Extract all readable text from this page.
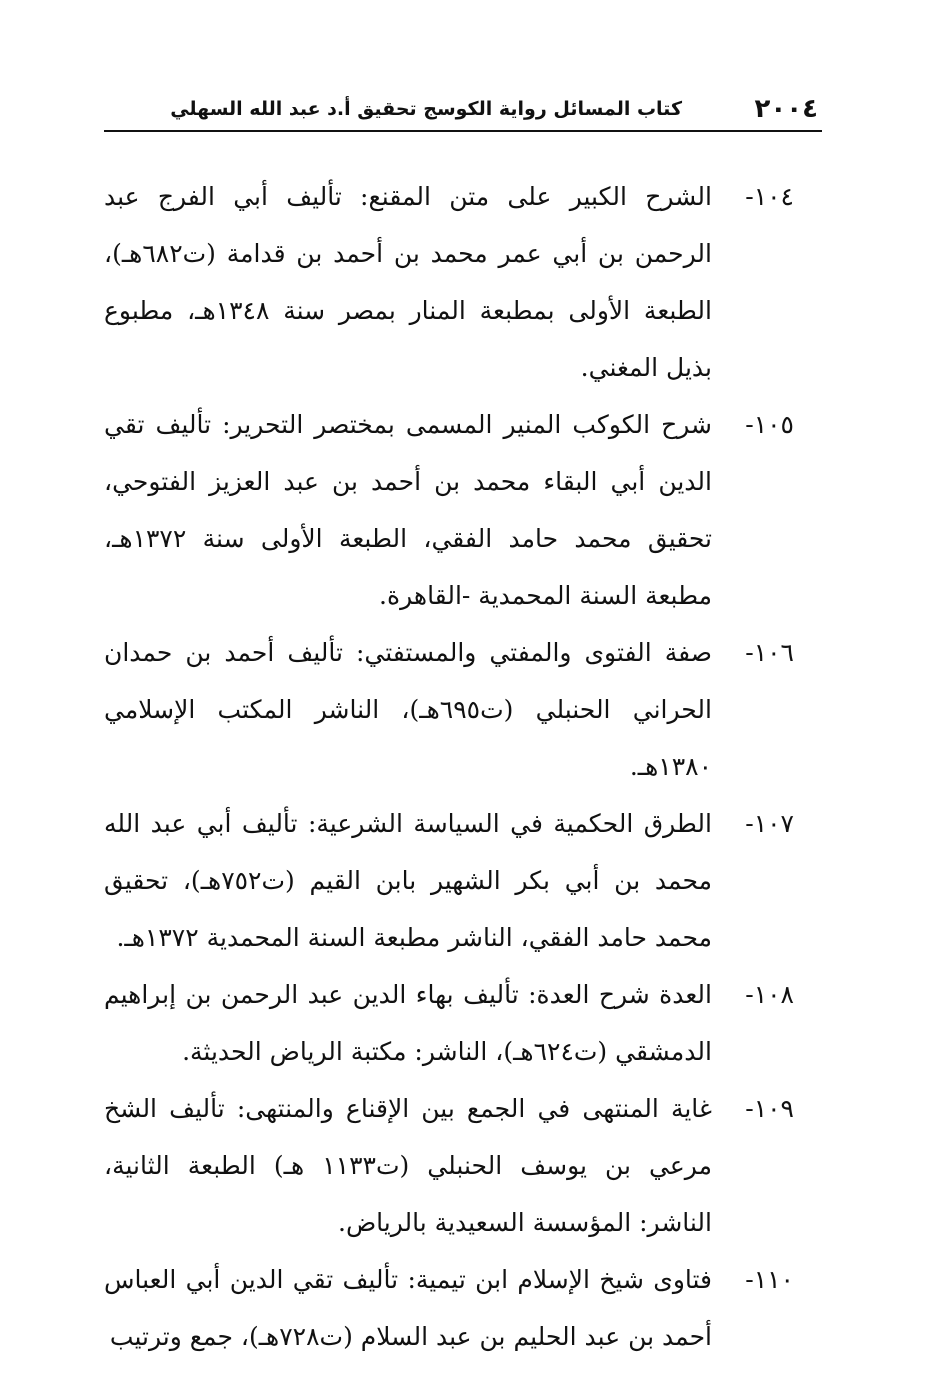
٢٠٠٤
كتاب المسائل رواية الكوسج تحقيق أ.د عبد الله السهلي
١٠٤-

الشرح الكبير على متن المقنع: تأليف أبي الفرج عبد الرحمن بن أبي عمر محمد بن أحمد بن قدامة (ت٦٨٢هـ)، الطبعة الأولى بمطبعة المنار بمصر سنة ١٣٤٨هـ، مطبوع بذيل المغني.

١٠٥-

شرح الكوكب المنير المسمى بمختصر التحرير: تأليف تقي الدين أبي البقاء محمد بن أحمد بن عبد العزيز الفتوحي، تحقيق محمد حامد الفقي، الطبعة الأولى سنة ١٣٧٢هـ، مطبعة السنة المحمدية -القاهرة.

١٠٦-

صفة الفتوى والمفتي والمستفتي: تأليف أحمد بن حمدان الحراني الحنبلي (ت٦٩٥هـ)، الناشر المكتب الإسلامي ١٣٨٠هـ.

١٠٧-

الطرق الحكمية في السياسة الشرعية: تأليف أبي عبد الله محمد بن أبي بكر الشهير بابن القيم (ت٧٥٢هـ)، تحقيق محمد حامد الفقي، الناشر مطبعة السنة المحمدية ١٣٧٢هـ.

١٠٨-

العدة شرح العدة: تأليف بهاء الدين عبد الرحمن بن إبراهيم الدمشقي (ت٦٢٤هـ)، الناشر: مكتبة الرياض الحديثة.

١٠٩-

غاية المنتهى في الجمع بين الإقناع والمنتهى: تأليف الشخ مرعي بن يوسف الحنبلي (ت١١٣٣ هـ) الطبعة الثانية، الناشر: المؤسسة السعيدية بالرياض.

١١٠-

فتاوى شيخ الإسلام ابن تيمية: تأليف تقي الدين أبي العباس أحمد بن عبد الحليم بن عبد السلام (ت٧٢٨هـ)، جمع وترتيب
